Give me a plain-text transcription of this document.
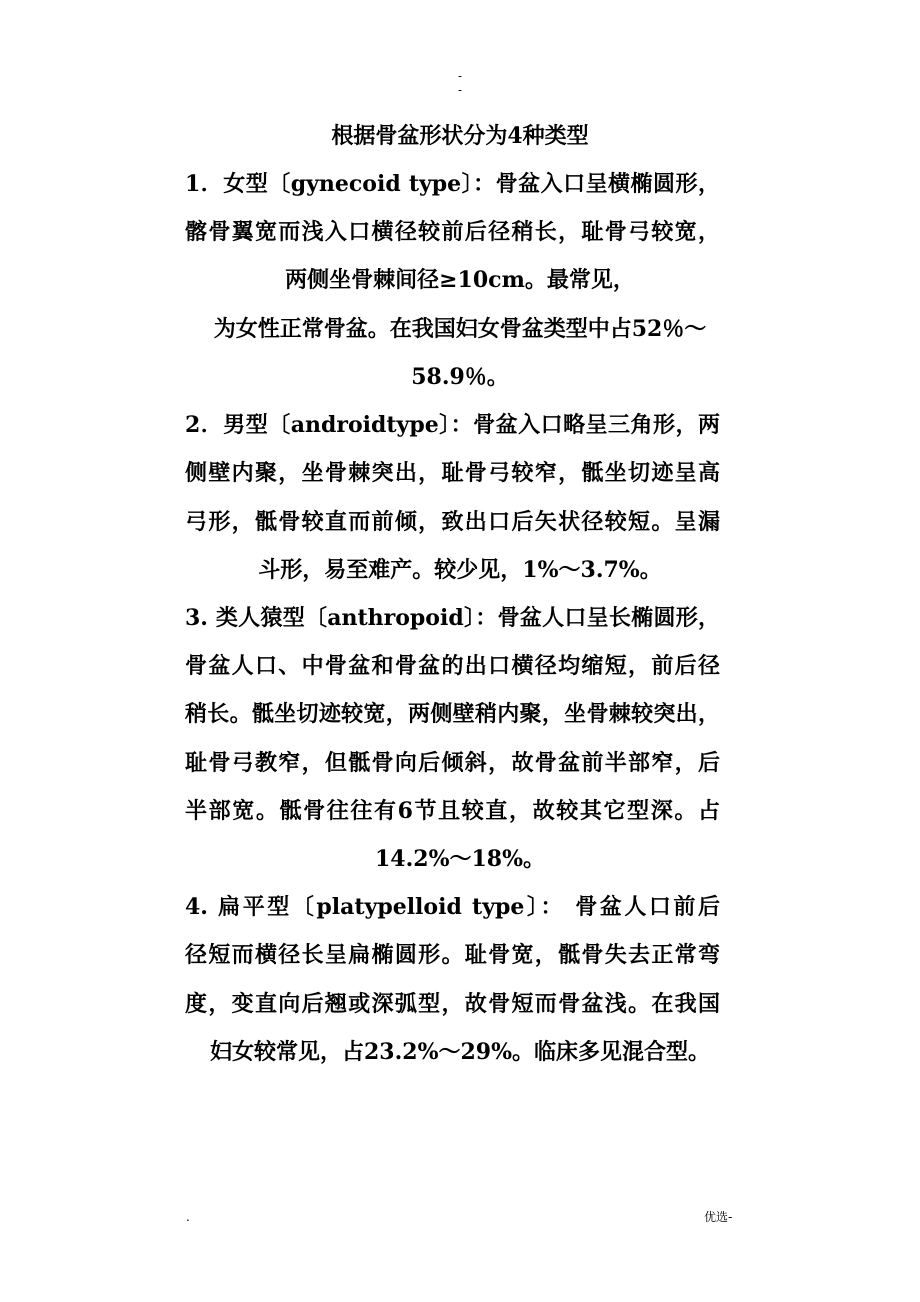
-
-
根据骨盆形状分为4种类型
1．女型〔gynecoid type〕：骨盆入口呈横椭圆形，
髂骨翼宽而浅入口横径较前后径稍长，耻骨弓较宽，
两侧坐骨棘间径≥10cm。最常见，
为女性正常骨盆。在我国妇女骨盆类型中占52％～
58.9％。
2．男型〔androidtype〕：骨盆入口略呈三角形，两
侧壁内聚，坐骨棘突出，耻骨弓较窄，骶坐切迹呈高
弓形，骶骨较直而前倾，致出口后矢状径较短。呈漏
斗形，易至难产。较少见，1%～3.7%。
3. 类人猿型〔anthropoid〕：骨盆人口呈长椭圆形，
骨盆人口、中骨盆和骨盆的出口横径均缩短，前后径
稍长。骶坐切迹较宽，两侧壁稍内聚，坐骨棘较突出，
耻骨弓教窄，但骶骨向后倾斜，故骨盆前半部窄，后
半部宽。骶骨往往有6节且较直，故较其它型深。占
14.2%～18%。
4. 扁平型〔platypelloid type〕： 骨盆人口前后
径短而横径长呈扁椭圆形。耻骨宽，骶骨失去正常弯
度，变直向后翘或深弧型，故骨短而骨盆浅。在我国
妇女较常见，占23.2%～29%。临床多见混合型。
.	优选-
